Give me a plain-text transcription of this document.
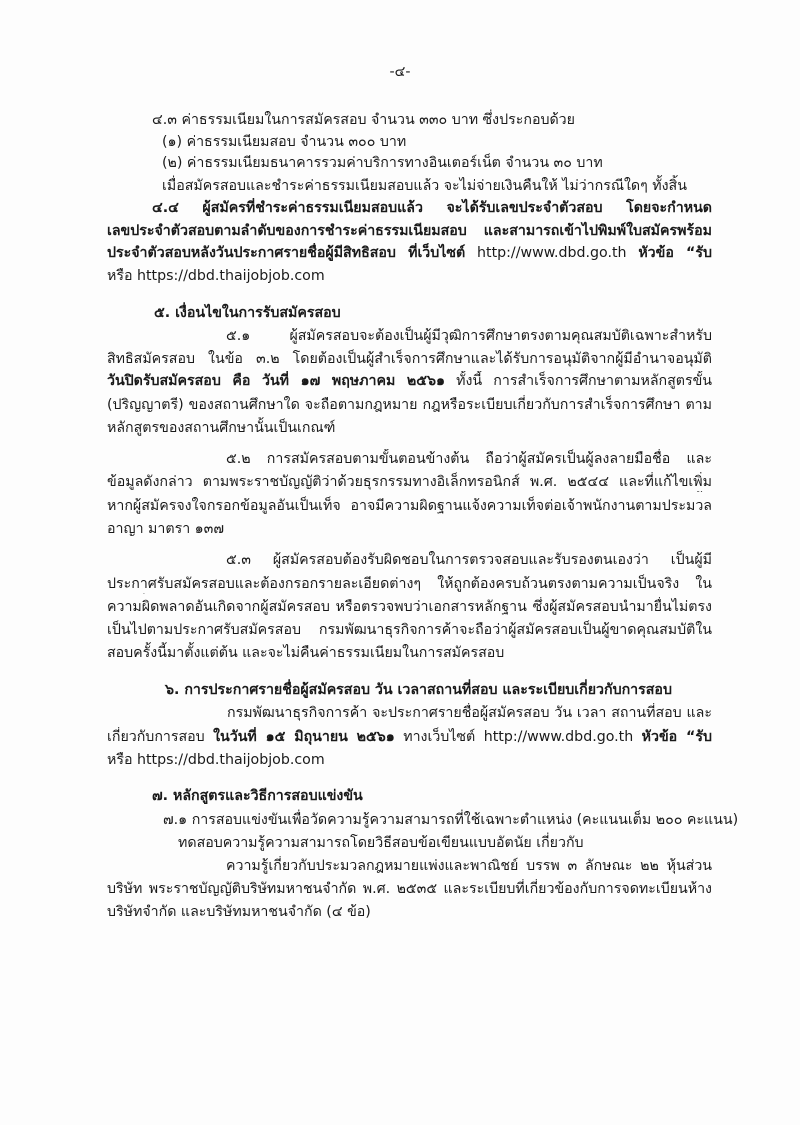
-๔-
๔.๓ ค่าธรรมเนียมในการสมัครสอบ จำนวน ๓๓๐ บาท ซึ่งประกอบด้วย
(๑) ค่าธรรมเนียมสอบ จำนวน ๓๐๐ บาท
(๒) ค่าธรรมเนียมธนาคารรวมค่าบริการทางอินเตอร์เน็ต จำนวน ๓๐ บาท
เมื่อสมัครสอบและชำระค่าธรรมเนียมสอบแล้ว จะไม่จ่ายเงินคืนให้ ไม่ว่ากรณีใดๆ ทั้งสิ้น
๔.๔ ผู้สมัครที่ชำระค่าธรรมเนียมสอบแล้ว จะได้รับเลขประจำตัวสอบ โดยจะกำหนด
เลขประจำตัวสอบตามลำดับของการชำระค่าธรรมเนียมสอบ และสามารถเข้าไปพิมพ์ใบสมัครพร้อม
ประจำตัวสอบหลังวันประกาศรายชื่อผู้มีสิทธิสอบ ที่เว็บไซต์ http://www.dbd.go.th หัวข้อ “รับ
หรือ https://dbd.thaijobjob.com
๕. เงื่อนไขในการรับสมัครสอบ
๕.๑ ผู้สมัครสอบจะต้องเป็นผู้มีวุฒิการศึกษาตรงตามคุณสมบัติเฉพาะสำหรับ
สิทธิสมัครสอบ ในข้อ ๓.๒ โดยต้องเป็นผู้สำเร็จการศึกษาและได้รับการอนุมัติจากผู้มีอำนาจอนุมัติ
วันปิดรับสมัครสอบ คือ วันที่ ๑๗ พฤษภาคม ๒๕๖๑ ทั้งนี้ การสำเร็จการศึกษาตามหลักสูตรขั้น
(ปริญญาตรี) ของสถานศึกษาใด จะถือตามกฎหมาย กฎหรือระเบียบเกี่ยวกับการสำเร็จการศึกษา ตาม
หลักสูตรของสถานศึกษานั้นเป็นเกณฑ์
๕.๒ การสมัครสอบตามขั้นตอนข้างต้น ถือว่าผู้สมัครเป็นผู้ลงลายมือชื่อ และ
ข้อมูลดังกล่าว ตามพระราชบัญญัติว่าด้วยธุรกรรมทางอิเล็กทรอนิกส์ พ.ศ. ๒๕๔๔ และที่แก้ไขเพิ่ม
หากผู้สมัครจงใจกรอกข้อมูลอันเป็นเท็จ อาจมีความผิดฐานแจ้งความเท็จต่อเจ้าพนักงานตามประมวล
อาญา มาตรา ๑๓๗
๕.๓ ผู้สมัครสอบต้องรับผิดชอบในการตรวจสอบและรับรองตนเองว่า เป็นผู้มี
ประกาศรับสมัครสอบและต้องกรอกรายละเอียดต่างๆ ให้ถูกต้องครบถ้วนตรงตามความเป็นจริง ใน
ความผิดพลาดอันเกิดจากผู้สมัครสอบ หรือตรวจพบว่าเอกสารหลักฐาน ซึ่งผู้สมัครสอบนำมายื่นไม่ตรง
เป็นไปตามประกาศรับสมัครสอบ กรมพัฒนาธุรกิจการค้าจะถือว่าผู้สมัครสอบเป็นผู้ขาดคุณสมบัติใน
สอบครั้งนี้มาตั้งแต่ต้น และจะไม่คืนค่าธรรมเนียมในการสมัครสอบ
๖. การประกาศรายชื่อผู้สมัครสอบ วัน เวลาสถานที่สอบ และระเบียบเกี่ยวกับการสอบ
กรมพัฒนาธุรกิจการค้า จะประกาศรายชื่อผู้สมัครสอบ วัน เวลา สถานที่สอบ และ
เกี่ยวกับการสอบ ในวันที่ ๑๕ มิถุนายน ๒๕๖๑ ทางเว็บไซต์ http://www.dbd.go.th หัวข้อ “รับ
หรือ https://dbd.thaijobjob.com
๗. หลักสูตรและวิธีการสอบแข่งขัน
๗.๑ การสอบแข่งขันเพื่อวัดความรู้ความสามารถที่ใช้เฉพาะตำแหน่ง (คะแนนเต็ม ๒๐๐ คะแนน)
ทดสอบความรู้ความสามารถโดยวิธีสอบข้อเขียนแบบอัตนัย เกี่ยวกับ
ความรู้เกี่ยวกับประมวลกฎหมายแพ่งและพาณิชย์ บรรพ ๓ ลักษณะ ๒๒ หุ้นส่วน
บริษัท พระราชบัญญัติบริษัทมหาชนจำกัด พ.ศ. ๒๕๓๕ และระเบียบที่เกี่ยวข้องกับการจดทะเบียนห้าง
บริษัทจำกัด และบริษัทมหาชนจำกัด (๔ ข้อ)
